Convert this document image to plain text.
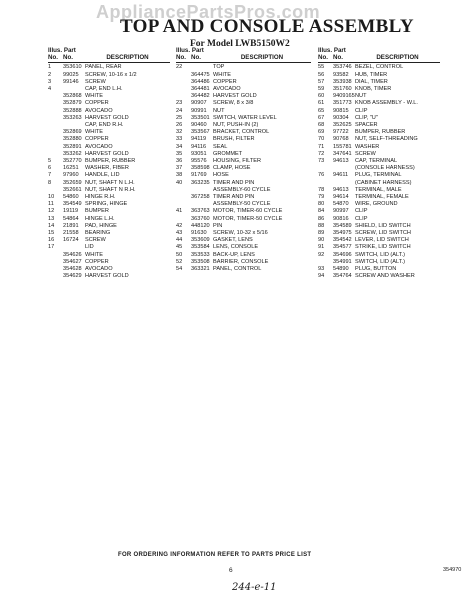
AppliancePartsPros.com
TOP AND CONSOLE ASSEMBLY
For Model LWB5150W2
Illus. Part
No. No.	DESCRIPTION
1	353610 PANEL, REAR
2	99025	SCREW, 10-16 x 1/2
3	99146	SCREW
4	CAP, END L.H.
352868 WHITE
352879 COPPER
352888 AVOCADO
353263 HARVEST GOLD
CAP, END R.H.
352869 WHITE
352880 COPPER
352891 AVOCADO
353262 HARVEST GOLD
5	352770 BUMPER, RUBBER
6	16251	WASHER, FIBER
7	97960	HANDLE, LID
8	352659 NUT, SHAFT N L.H.
352661 NUT, SHAFT N R.H.
10	54860	HINGE R.H.
11	354549 SPRING, HINGE
12	19119	BUMPER
13	54864	HINGE L.H.
14	21891	PAD, HINGE
15	21558	BEARING
16	16724	SCREW
17	LID
354626 WHITE
354627 COPPER
354628 AVOCADO
354629 HARVEST GOLD
Illus. Part
No. No.	DESCRIPTION
22	TOP
364475 WHITE
364486 COPPER
364481 AVOCADO
364482 HARVEST GOLD
23	90907	SCREW, 8 x 3/8
24	90991	NUT
25	353501 SWITCH, WATER LEVEL
26	90460	NUT, PUSH-IN (2)
32	353567 BRACKET, CONTROL
33	94119	BRUSH, FILTER
34	94116	SEAL
35	93051	GROMMET
36	95576	HOUSING, FILTER
37	358598 CLAMP, HOSE
38	91769	HOSE
40	363235 TIMER AND PIN
ASSEMBLY-60 CYCLE
367258 TIMER AND PIN
ASSEMBLY-50 CYCLE
41	363763 MOTOR, TIMER-60 CYCLE
363760 MOTOR, TIMER-50 CYCLE
42	448120 PIN
43	91630	SCREW, 10-32 x 5/16
44	353609 GASKET, LENS
45	353584 LENS, CONSOLE
50	353533 BACK-UP, LENS
52	353508 BARRIER, CONSOLE
54	363321 PANEL, CONTROL
Illus. Part
No. No.	DESCRIPTION
55	353746 BEZEL, CONTROL
56	93582	HUB, TIMER
57	353938 DIAL, TIMER
59	351760 KNOB, TIMER
60	9409165 NUT
61	351773 KNOB ASSEMBLY - W.L.
65	90815	CLIP
67	90304	CLIP, "U"
68	352625 SPACER
69	97722	BUMPER, RUBBER
70	90768	NUT, SELF-THREADING
71	155781 WASHER
72	347641 SCREW
73	94613	CAP, TERMINAL
(CONSOLE HARNESS)
76	94611	PLUG, TERMINAL
(CABINET HARNESS)
78	94613	TERMINAL, MALE
79	94614	TERMINAL, FEMALE
80	54870	WIRE, GROUND
84	90997	CLIP
86	90816	CLIP
88	354589 SHIELD, LID SWITCH
89	354975 SCREW, LID SWITCH
90	354542 LEVER, LID SWITCH
91	354577 STRIKE, LID SWITCH
92	354696 SWITCH, LID (ALT.)
354991 SWITCH, LID (ALT.)
93	54890	PLUG, BUTTON
94	354764 SCREW AND WASHER
FOR ORDERING INFORMATION REFER TO PARTS PRICE LIST
6
244-e-11
354970
